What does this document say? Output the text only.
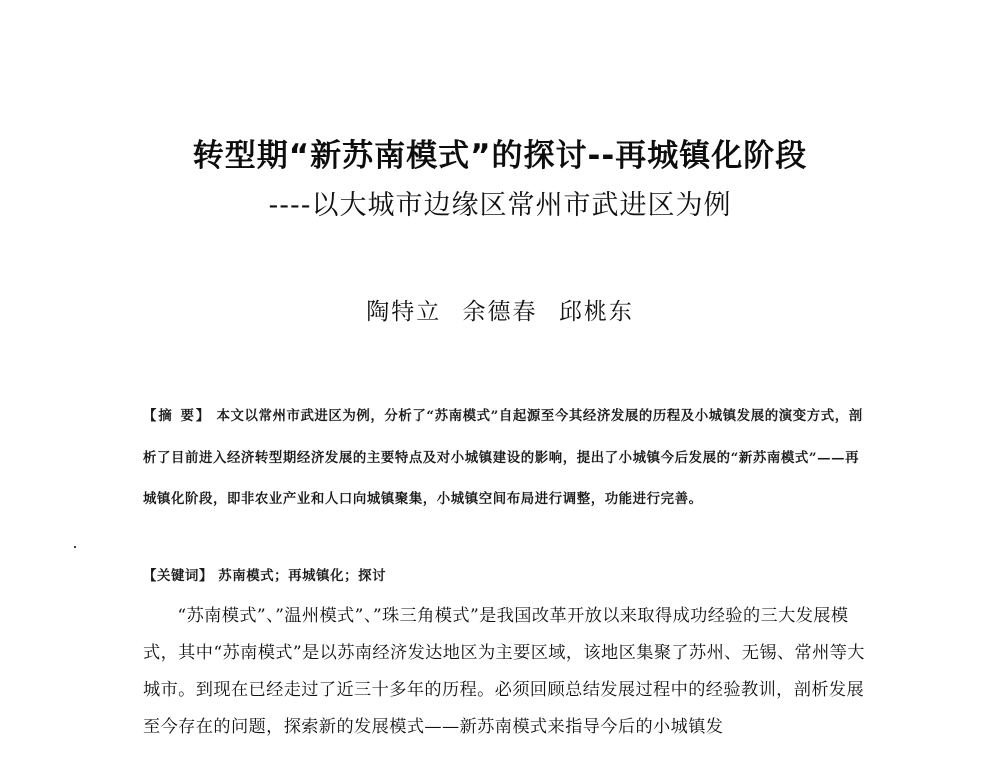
转型期“新苏南模式”的探讨--再城镇化阶段
----以大城市边缘区常州市武进区为例
陶特立 余德春 邱桃东
【摘 要】 本文以常州市武进区为例，分析了“苏南模式”自起源至今其经济发展的历程及小城镇发展的演变方式，剖析了目前进入经济转型期经济发展的主要特点及对小城镇建设的影响，提出了小城镇今后发展的“新苏南模式”——再城镇化阶段，即非农业产业和人口向城镇聚集，小城镇空间布局进行调整，功能进行完善。
【关键词】 苏南模式；再城镇化；探讨

“苏南模式”、”温州模式”、”珠三角模式”是我国改革开放以来取得成功经验的三大发展模式，其中“苏南模式”是以苏南经济发达地区为主要区域，该地区集聚了苏州、无锡、常州等大城市。到现在已经走过了近三十多年的历程。必须回顾总结发展过程中的经验教训，剖析发展至今存在的问题，探索新的发展模式——新苏南模式来指导今后的小城镇发
